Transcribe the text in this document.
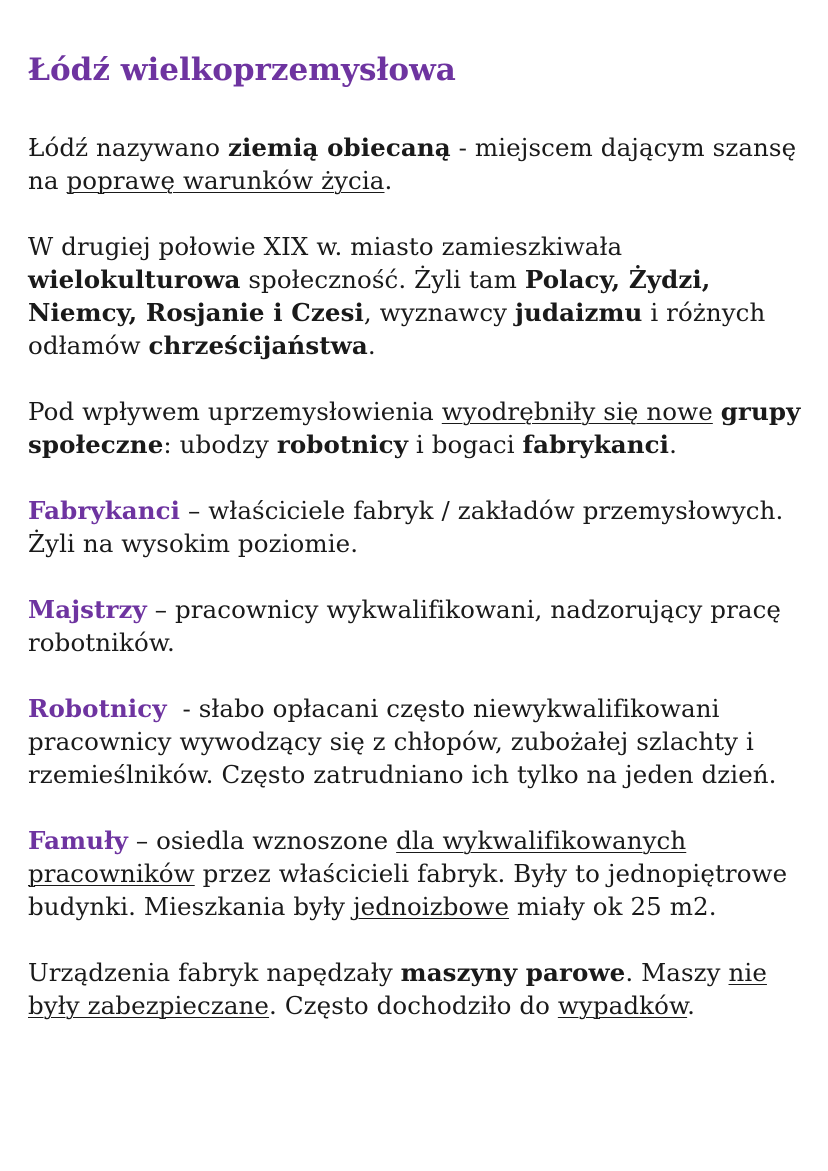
Łódź wielkoprzemysłowa

Łódź nazywano ziemią obiecaną - miejscem dającym szansę na poprawę warunków życia.

W drugiej połowie XIX w. miasto zamieszkiwała wielokulturowa społeczność. Żyli tam Polacy, Żydzi, Niemcy, Rosjanie i Czesi, wyznawcy judaizmu i różnych odłamów chrześcijaństwa.

Pod wpływem uprzemysłowienia wyodrębniły się nowe grupy społeczne: ubodzy robotnicy i bogaci fabrykanci.

Fabrykanci – właściciele fabryk / zakładów przemysłowych. Żyli na wysokim poziomie.

Majstrzy – pracownicy wykwalifikowani, nadzorujący pracę robotników.

Robotnicy  - słabo opłacani często niewykwalifikowani pracownicy wywodzący się z chłopów, zubożałej szlachty i rzemieślników. Często zatrudniano ich tylko na jeden dzień.

Famuły – osiedla wznoszone dla wykwalifikowanych pracowników przez właścicieli fabryk. Były to jednopiętrowe budynki. Mieszkania były jednoizbowe miały ok 25 m2.

Urządzenia fabryk napędzały maszyny parowe. Maszy nie były zabezpieczane. Często dochodziło do wypadków.
